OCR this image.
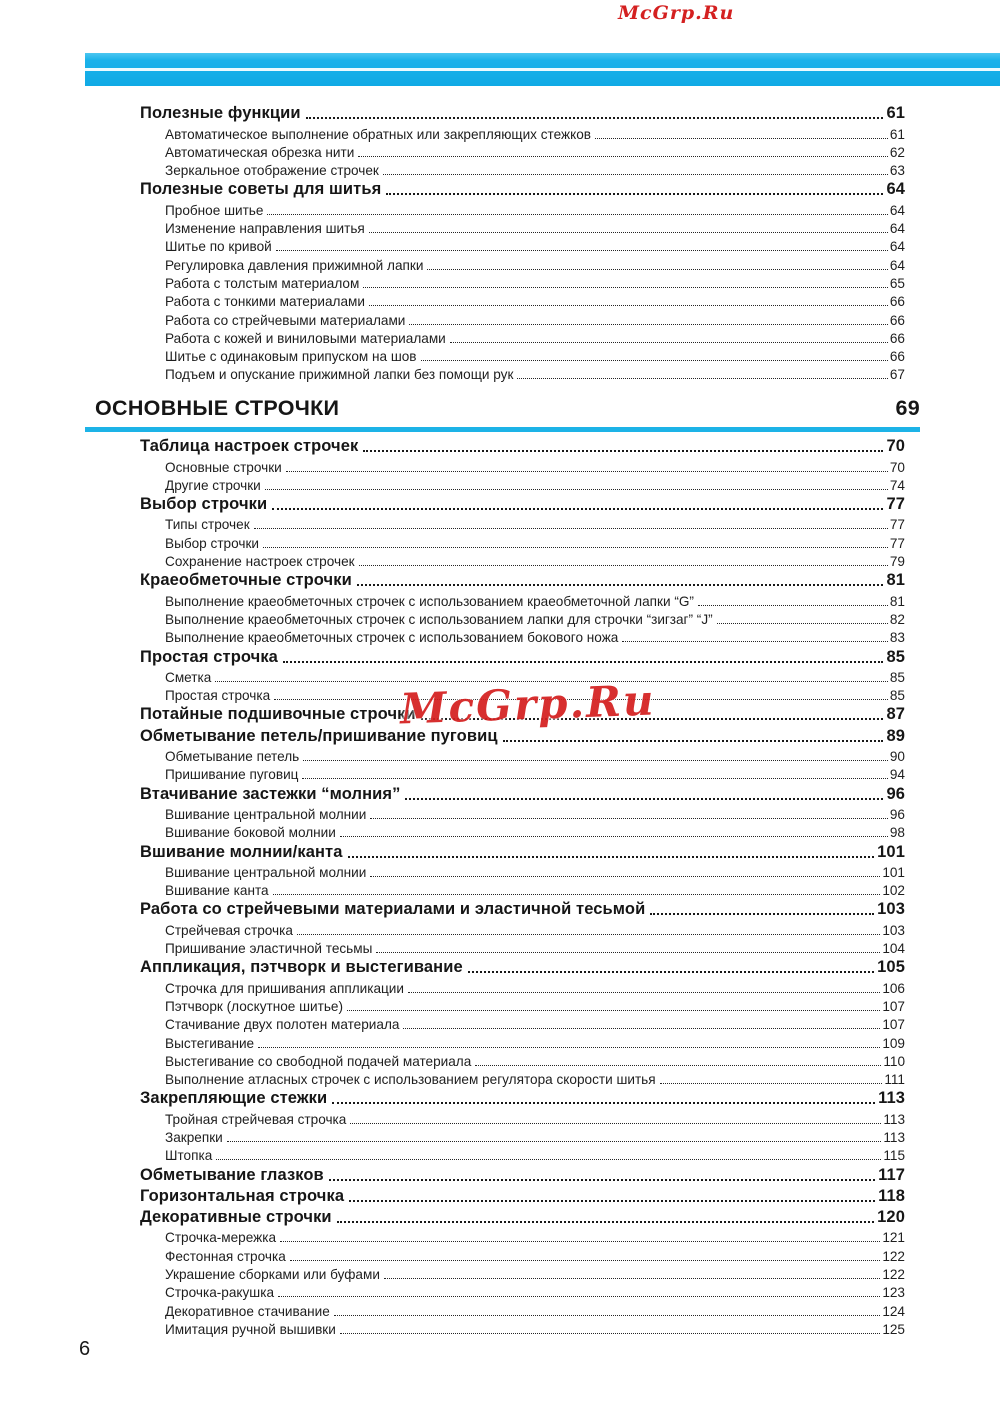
McGrp.Ru
Полезные функции	61
Автоматическое выполнение обратных или закрепляющих стежков	61
Автоматическая обрезка нити	62
Зеркальное отображение строчек	63
Полезные советы для шитья	64
Пробное шитье	64
Изменение направления шитья	64
Шитье по кривой	64
Регулировка давления прижимной лапки	64
Работа с толстым материалом	65
Работа с тонкими материалами	66
Работа со стрейчевыми материалами	66
Работа с кожей и виниловыми материалами	66
Шитье с одинаковым припуском на шов	66
Подъем и опускание прижимной лапки без помощи рук	67
ОСНОВНЫЕ СТРОЧКИ	69
Таблица настроек строчек	70
Основные строчки	70
Другие строчки	74
Выбор строчки	77
Типы строчек	77
Выбор строчки	77
Сохранение настроек строчек	79
Краеобметочные строчки	81
Выполнение краеобметочных строчек с использованием краеобметочной лапки “G”	81
Выполнение краеобметочных строчек с использованием лапки для строчки “зигзаг” “J”	82
Выполнение краеобметочных строчек с использованием бокового ножа	83
Простая строчка	85
Сметка	85
Простая строчка	85
Потайные подшивочные строчки	87
Обметывание петель/пришивание пуговиц	89
Обметывание петель	90
Пришивание пуговиц	94
Втачивание застежки “молния”	96
Вшивание центральной молнии	96
Вшивание боковой молнии	98
Вшивание молнии/канта	101
Вшивание центральной молнии	101
Вшивание канта	102
Работа со стрейчевыми материалами и эластичной тесьмой	103
Стрейчевая строчка	103
Пришивание эластичной тесьмы	104
Аппликация, пэтчворк и выстегивание	105
Строчка для пришивания аппликации	106
Пэтчворк (лоскутное шитье)	107
Стачивание двух полотен материала	107
Выстегивание	109
Выстегивание со свободной подачей материала	110
Выполнение атласных строчек с использованием регулятора скорости шитья	111
Закрепляющие стежки	113
Тройная стрейчевая строчка	113
Закрепки	113
Штопка	115
Обметывание глазков	117
Горизонтальная строчка	118
Декоративные строчки	120
Строчка-мережка	121
Фестонная строчка	122
Украшение сборками или буфами	122
Строчка-ракушка	123
Декоративное стачивание	124
Имитация ручной вышивки	125
McGrp.Ru
6
